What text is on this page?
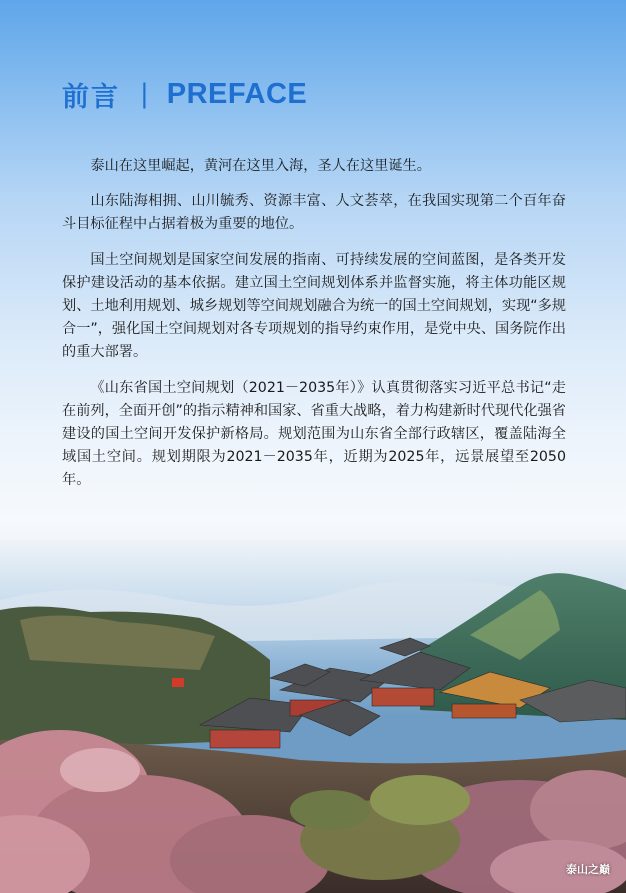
前言 | PREFACE

泰山在这里崛起，黄河在这里入海，圣人在这里诞生。

山东陆海相拥、山川毓秀、资源丰富、人文荟萃，在我国实现第二个百年奋斗目标征程中占据着极为重要的地位。

国土空间规划是国家空间发展的指南、可持续发展的空间蓝图，是各类开发保护建设活动的基本依据。建立国土空间规划体系并监督实施，将主体功能区规划、土地利用规划、城乡规划等空间规划融合为统一的国土空间规划，实现“多规合一”，强化国土空间规划对各专项规划的指导约束作用，是党中央、国务院作出的重大部署。

《山东省国土空间规划（2021－2035年）》认真贯彻落实习近平总书记“走在前列，全面开创”的指示精神和国家、省重大战略，着力构建新时代现代化强省建设的国土空间开发保护新格局。规划范围为山东省全部行政辖区，覆盖陆海全域国土空间。规划期限为2021－2035年，近期为2025年，远景展望至2050年。

泰山之巅
